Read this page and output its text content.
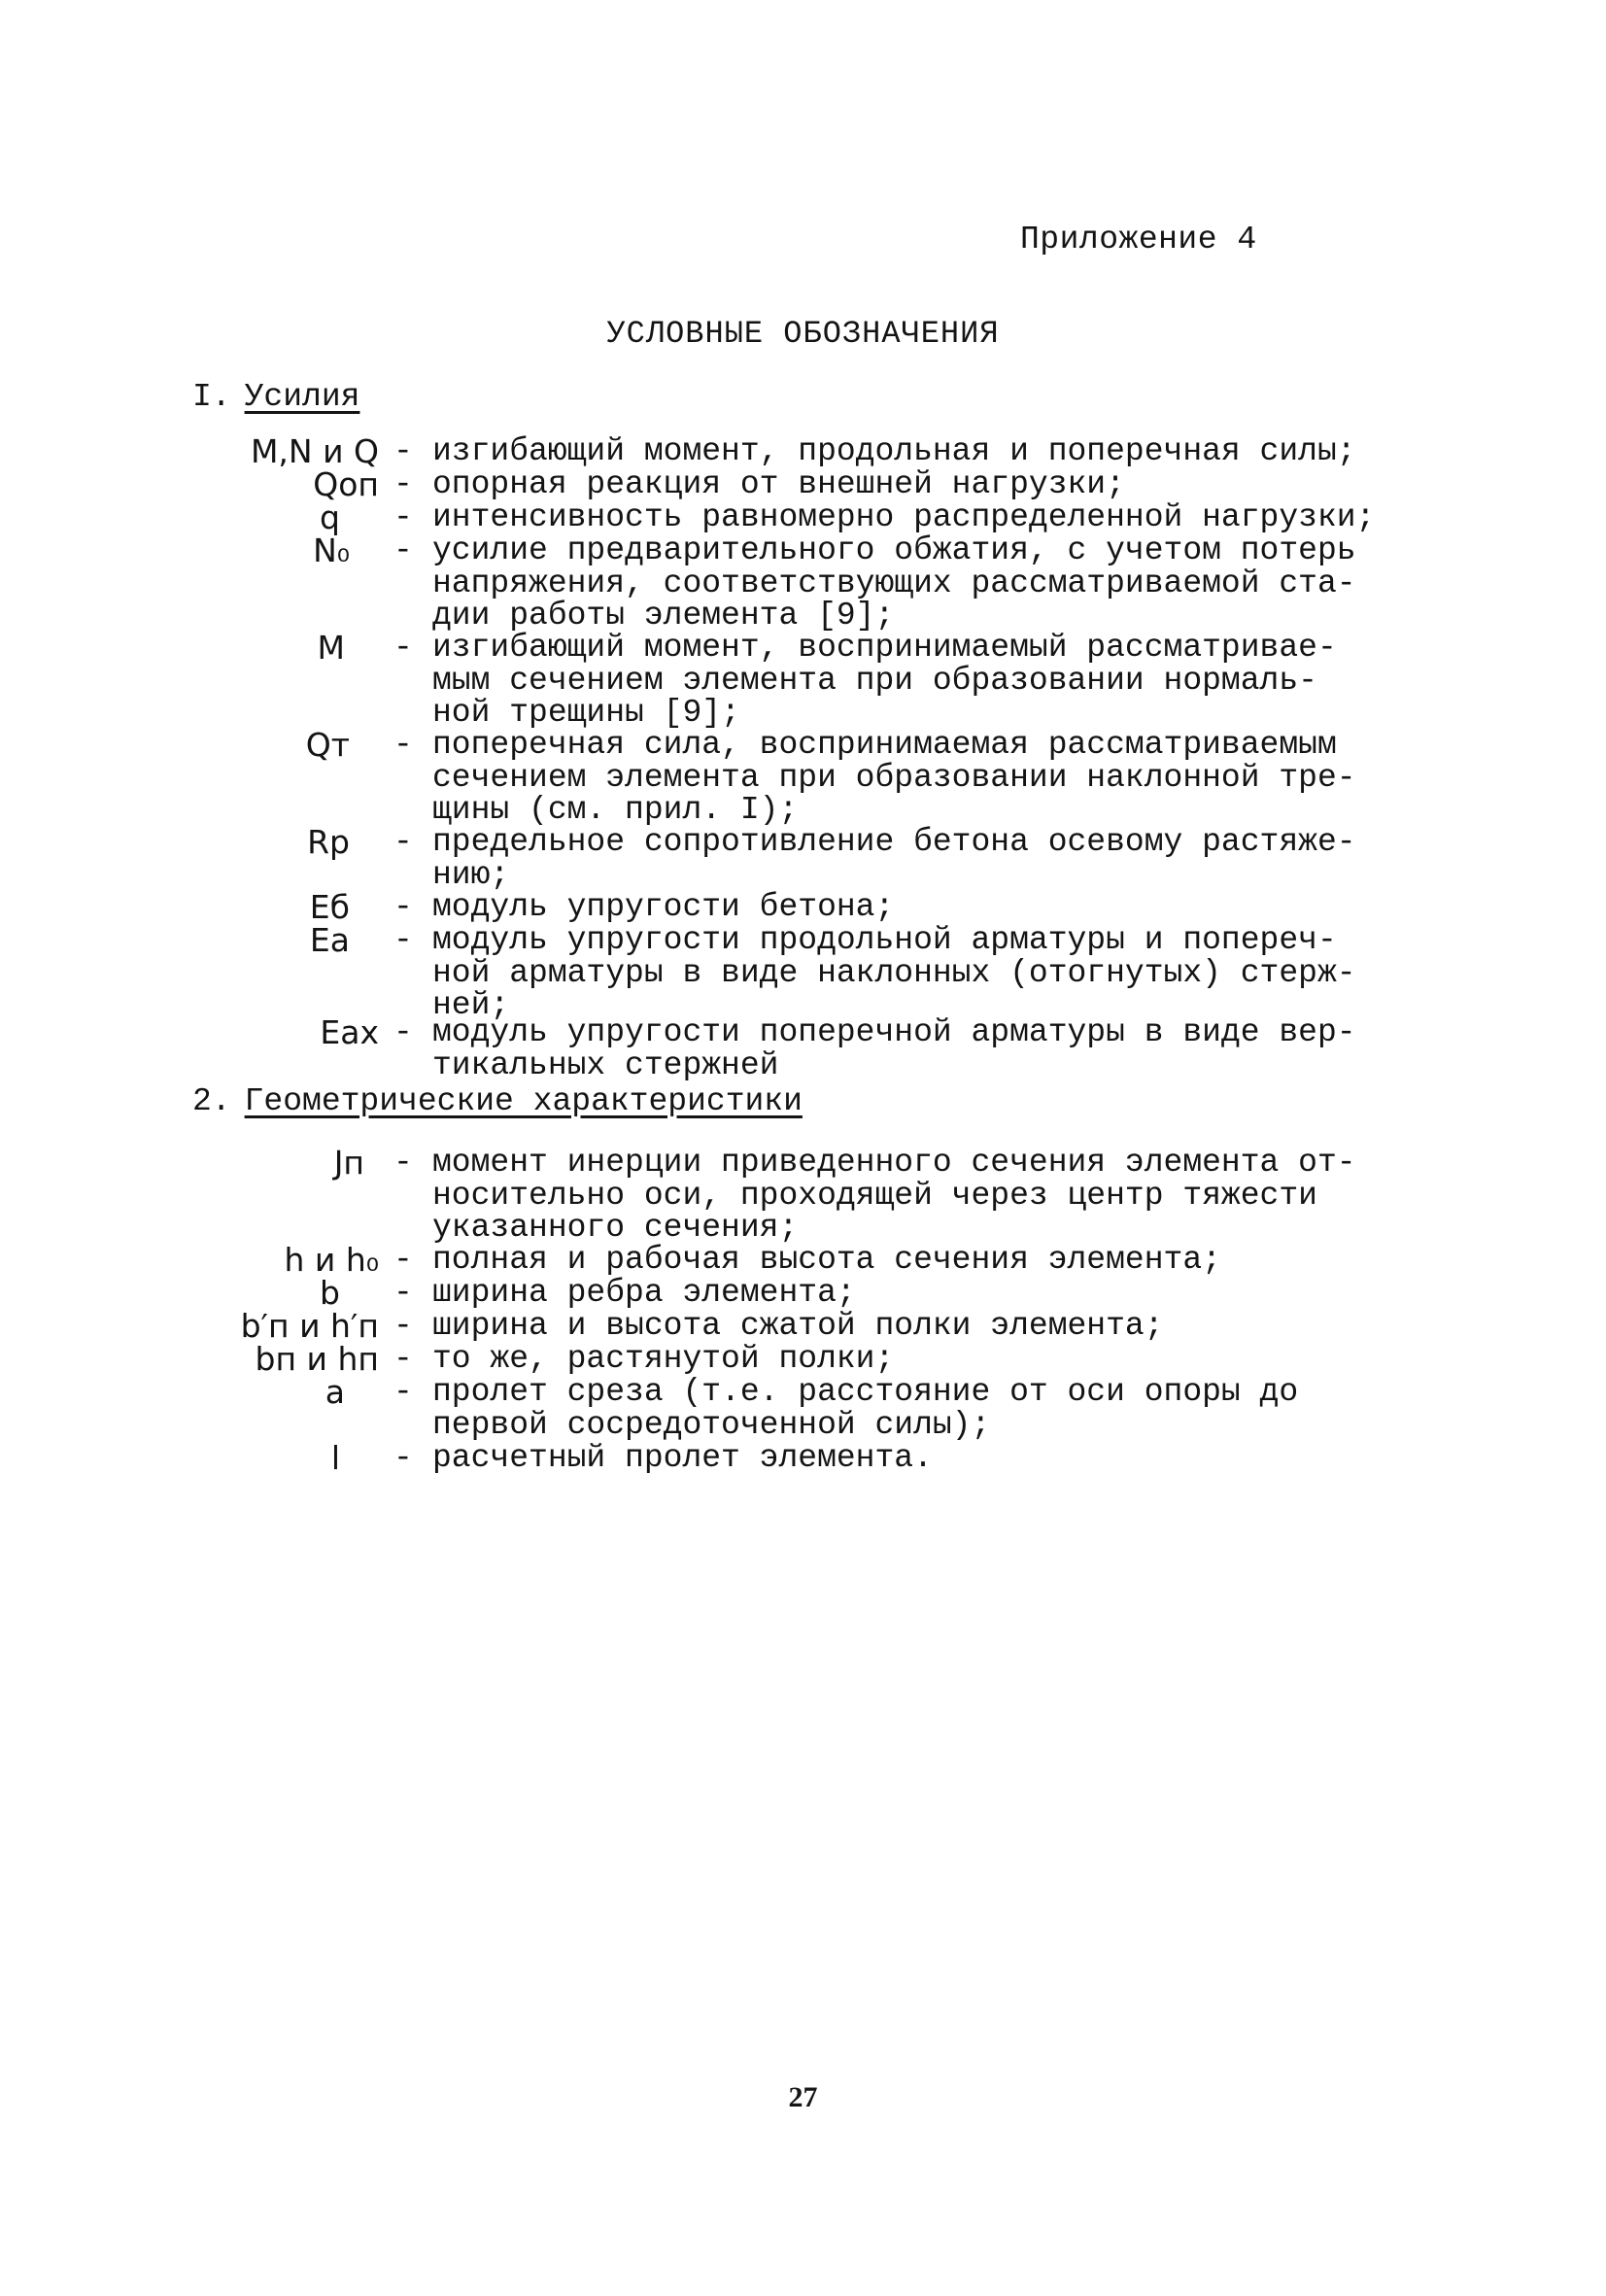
Приложение 4
УСЛОВНЫЕ ОБОЗНАЧЕНИЯ
I. Усилия
M,N и Q - изгибающий момент, продольная и поперечная силы;
Qоп - опорная реакция от внешней нагрузки;
q - интенсивность равномерно распределенной нагрузки;
N₀ - усилие предварительного обжатия, с учетом потерь
напряжения, соответствующих рассматриваемой ста-
дии работы элемента [9];
M - изгибающий момент, воспринимаемый рассматривае-
мым сечением элемента при образовании нормаль-
ной трещины [9];
Qт - поперечная сила, воспринимаемая рассматриваемым
сечением элемента при образовании наклонной тре-
щины (см. прил. I);
Rр - предельное сопротивление бетона осевому растяже-
нию;
Eб - модуль упругости бетона;
Eа - модуль упругости продольной арматуры и попереч-
ной арматуры в виде наклонных (отогнутых) стерж-
ней;
Eах - модуль упругости поперечной арматуры в виде вер-
тикальных стержней
2. Геометрические характеристики
Jп - момент инерции приведенного сечения элемента от-
носительно оси, проходящей через центр тяжести
указанного сечения;
h и h₀ - полная и рабочая высота сечения элемента;
b - ширина ребра элемента;
b′п и h′п - ширина и высота сжатой полки элемента;
bп и hп - то же, растянутой полки;
a - пролет среза (т.е. расстояние от оси опоры до
первой сосредоточенной силы);
l - расчетный пролет элемента.
27
